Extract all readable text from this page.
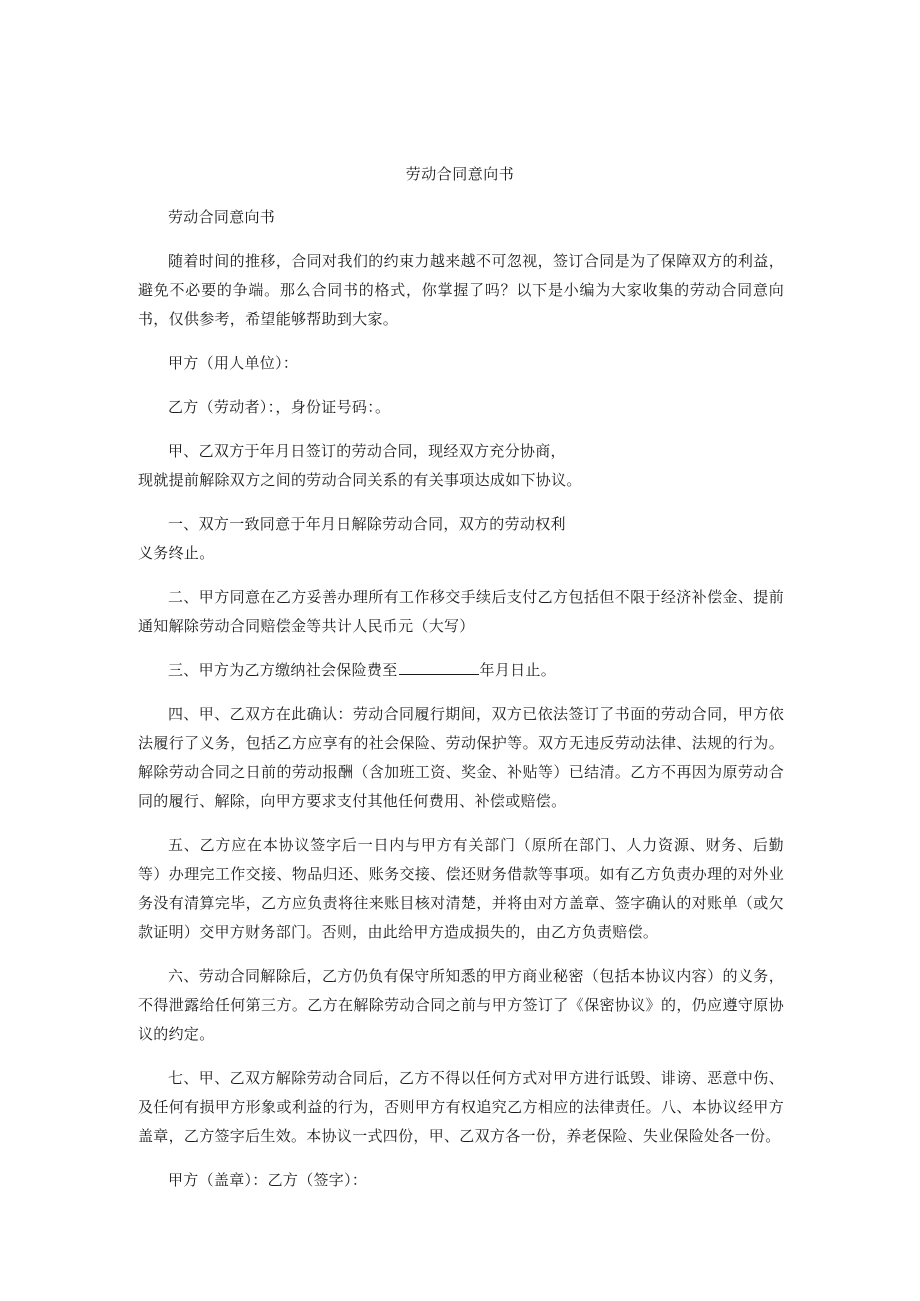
劳动合同意向书

劳动合同意向书

随着时间的推移，合同对我们的约束力越来越不可忽视，签订合同是为了保障双方的利益，避免不必要的争端。那么合同书的格式，你掌握了吗？以下是小编为大家收集的劳动合同意向书，仅供参考，希望能够帮助到大家。

甲方（用人单位）：

乙方（劳动者）：，身份证号码：。

甲、乙双方于年月日签订的劳动合同，现经双方充分协商，
现就提前解除双方之间的劳动合同关系的有关事项达成如下协议。

一、双方一致同意于年月日解除劳动合同，双方的劳动权利
义务终止。

二、甲方同意在乙方妥善办理所有工作移交手续后支付乙方包括但不限于经济补偿金、提前通知解除劳动合同赔偿金等共计人民币元（大写）

三、甲方为乙方缴纳社会保险费至	年月日止。

四、甲、乙双方在此确认：劳动合同履行期间，双方已依法签订了书面的劳动合同，甲方依法履行了义务，包括乙方应享有的社会保险、劳动保护等。双方无违反劳动法律、法规的行为。解除劳动合同之日前的劳动报酬（含加班工资、奖金、补贴等）已结清。乙方不再因为原劳动合同的履行、解除，向甲方要求支付其他任何费用、补偿或赔偿。

五、乙方应在本协议签字后一日内与甲方有关部门（原所在部门、人力资源、财务、后勤等）办理完工作交接、物品归还、账务交接、偿还财务借款等事项。如有乙方负责办理的对外业务没有清算完毕，乙方应负责将往来账目核对清楚，并将由对方盖章、签字确认的对账单（或欠款证明）交甲方财务部门。否则，由此给甲方造成损失的，由乙方负责赔偿。

六、劳动合同解除后，乙方仍负有保守所知悉的甲方商业秘密（包括本协议内容）的义务，不得泄露给任何第三方。乙方在解除劳动合同之前与甲方签订了《保密协议》的，仍应遵守原协议的约定。

七、甲、乙双方解除劳动合同后，乙方不得以任何方式对甲方进行诋毁、诽谤、恶意中伤、及任何有损甲方形象或利益的行为，否则甲方有权追究乙方相应的法律责任。八、本协议经甲方盖章，乙方签字后生效。本协议一式四份，甲、乙双方各一份，养老保险、失业保险处各一份。

甲方（盖章）：乙方（签字）：
